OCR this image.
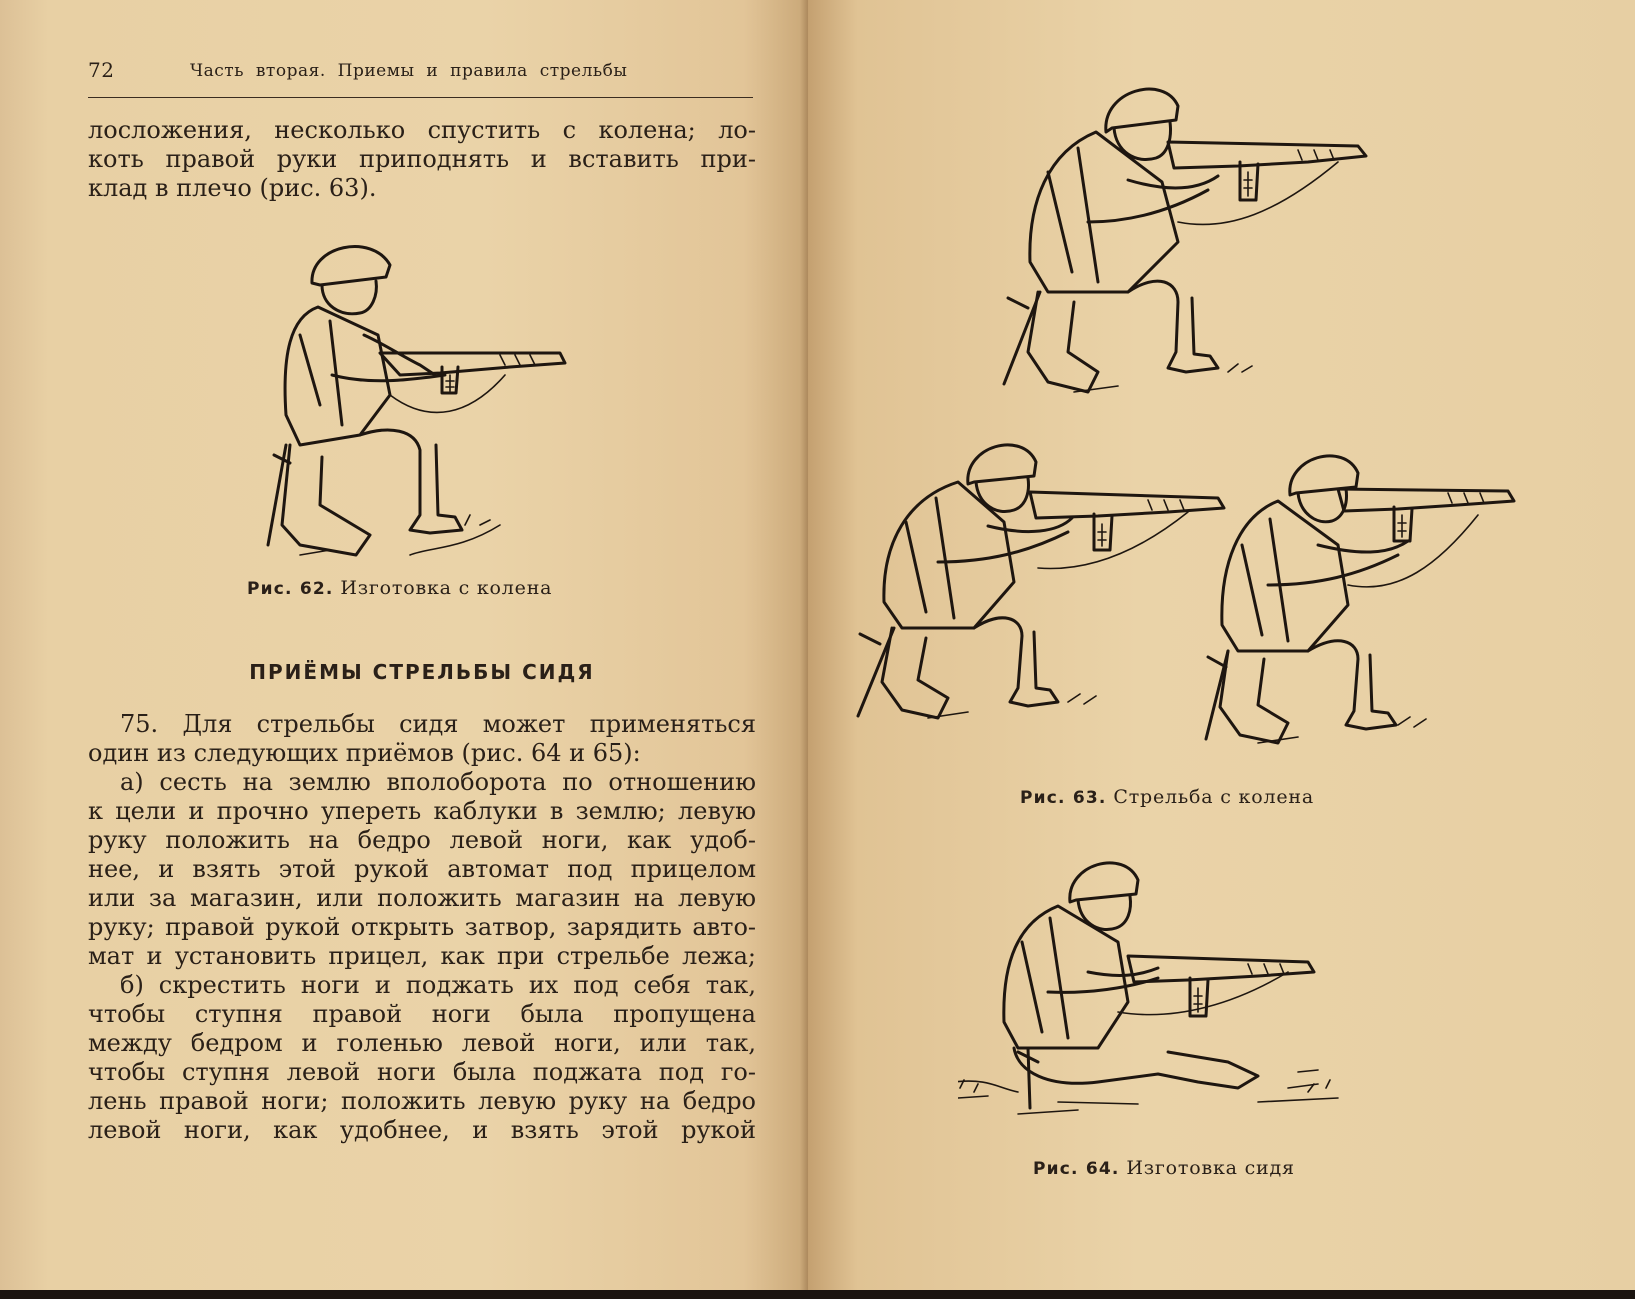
72	Часть вторая. Приемы и правила стрельбы

лосложения, несколько спустить с колена; ло-

коть правой руки приподнять и вставить при-

клад в плечо (рис. 63).

Рис. 62. Изготовка с колена
ПРИЁМЫ СТРЕЛЬБЫ СИДЯ

75. Для стрельбы сидя может применяться

один из следующих приёмов (рис. 64 и 65):

а) сесть на землю вполоборота по отношению

к цели и прочно упереть каблуки в землю; левую

руку положить на бедро левой ноги, как удоб-

нее, и взять этой рукой автомат под прицелом

или за магазин, или положить магазин на левую

руку; правой рукой открыть затвор, зарядить авто-

мат и установить прицел, как при стрельбе лежа;

б) скрестить ноги и поджать их под себя так,

чтобы ступня правой ноги была пропущена

между бедром и голенью левой ноги, или так,

чтобы ступня левой ноги была поджата под го-

лень правой ноги; положить левую руку на бедро

левой ноги, как удобнее, и взять этой рукой

Рис. 63. Стрельба с колена
Рис. 64. Изготовка сидя
